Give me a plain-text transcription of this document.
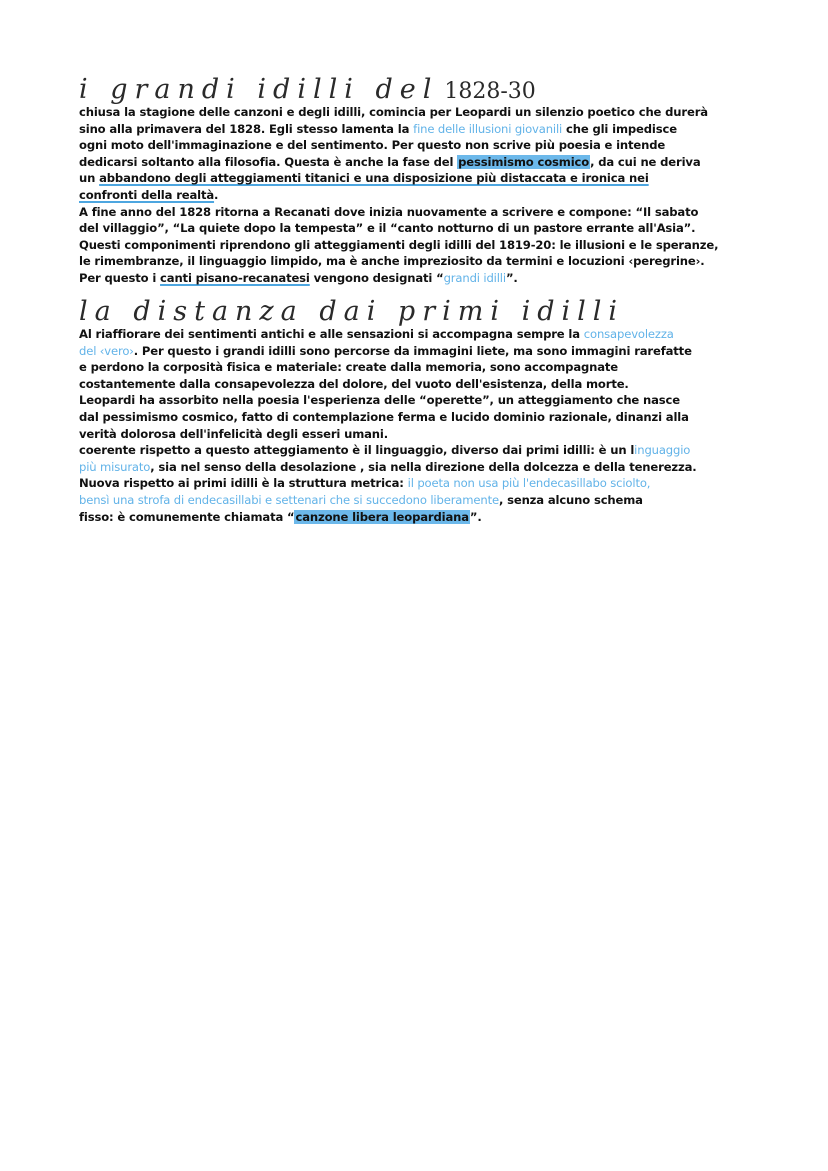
i grandi idilli del 1828-30
chiusa la stagione delle canzoni e degli idilli, comincia per Leopardi un silenzio poetico che durerà
sino alla primavera del 1828. Egli stesso lamenta la fine delle illusioni giovanili che gli impedisce
ogni moto dell'immaginazione e del sentimento. Per questo non scrive più poesia e intende
dedicarsi soltanto alla filosofia. Questa è anche la fase del pessimismo cosmico, da cui ne deriva
un abbandono degli atteggiamenti titanici e una disposizione più distaccata e ironica nei
confronti della realtà.
A fine anno del 1828 ritorna a Recanati dove inizia nuovamente a scrivere e compone: “Il sabato
del villaggio”, “La quiete dopo la tempesta” e il “canto notturno di un pastore errante all'Asia”.
Questi componimenti riprendono gli atteggiamenti degli idilli del 1819-20: le illusioni e le speranze,
le rimembranze, il linguaggio limpido, ma è anche impreziosito da termini e locuzioni ‹peregrine›.
Per questo i canti pisano-recanatesi vengono designati “grandi idilli”.
la distanza dai primi idilli
Al riaffiorare dei sentimenti antichi e alle sensazioni si accompagna sempre la consapevolezza
del ‹vero›. Per questo i grandi idilli sono percorse da immagini liete, ma sono immagini rarefatte
e perdono la corposità fisica e materiale: create dalla memoria, sono accompagnate
costantemente dalla consapevolezza del dolore, del vuoto dell'esistenza, della morte.
Leopardi ha assorbito nella poesia l'esperienza delle “operette”, un atteggiamento che nasce
dal pessimismo cosmico, fatto di contemplazione ferma e lucido dominio razionale, dinanzi alla
verità dolorosa dell'infelicità degli esseri umani.
coerente rispetto a questo atteggiamento è il linguaggio, diverso dai primi idilli: è un linguaggio
più misurato, sia nel senso della desolazione , sia nella direzione della dolcezza e della tenerezza.
Nuova rispetto ai primi idilli è la struttura metrica: il poeta non usa più l'endecasillabo sciolto,
bensì una strofa di endecasillabi e settenari che si succedono liberamente, senza alcuno schema
fisso: è comunemente chiamata “canzone libera leopardiana”.
